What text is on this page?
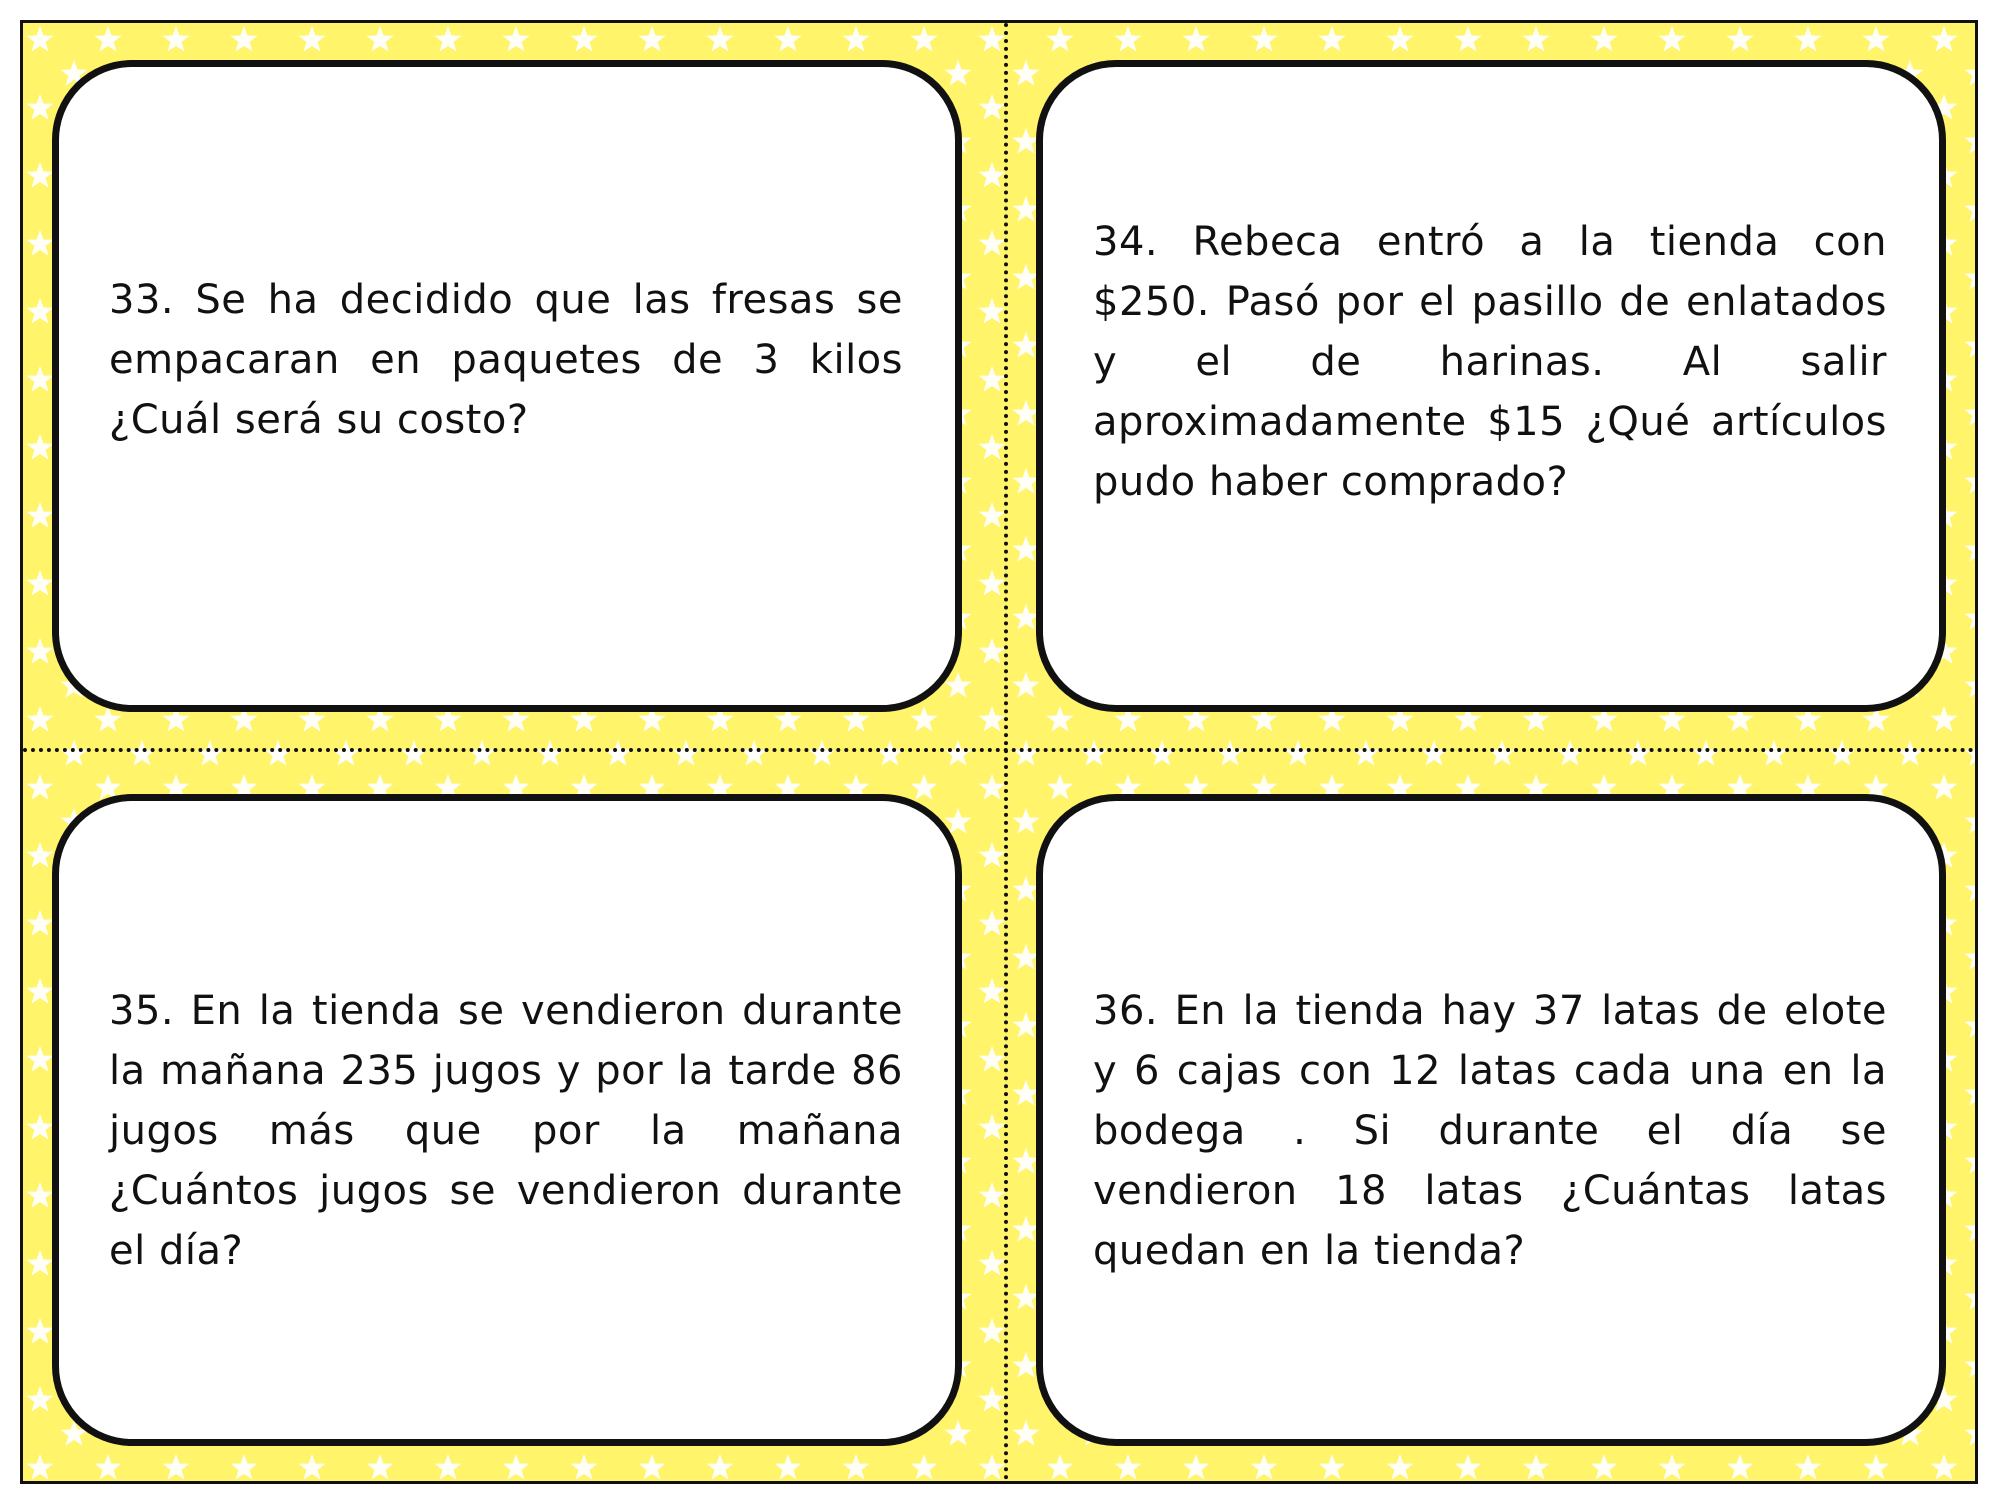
33. Se ha decidido que las fresas se empacaran en paquetes de 3 kilos ¿Cuál será su costo?

34. Rebeca entró a la tienda con $250. Pasó por el pasillo de enlatados y el de harinas. Al salir aproximadamente $15 ¿Qué artículos pudo haber comprado?

35. En la tienda se vendieron durante la mañana 235 jugos y por la tarde 86 jugos más que por la mañana ¿Cuántos jugos se vendieron durante el día?

36. En la tienda hay 37 latas de elote y 6 cajas con 12 latas cada una en la bodega . Si durante el día se vendieron 18 latas ¿Cuántas latas quedan en la tienda?
